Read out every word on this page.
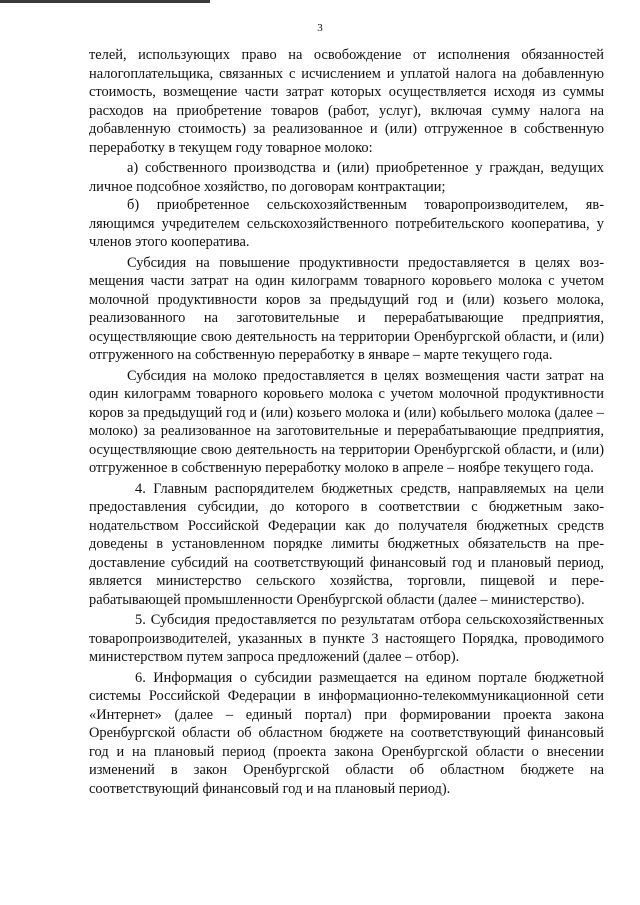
3

телей, использующих право на освобождение от исполнения обязанностей налогоплательщика, связанных с исчислением и уплатой налога на добавленную стоимость, возмещение части затрат которых осуществляется исходя из суммы расходов на приобретение товаров (работ, услуг), включая сумму налога на добавленную стоимость) за реализованное и (или) отгруженное в собственную переработку в текущем году товарное молоко:

а) собственного производства и (или) приобретенное у граждан, ведущих личное подсобное хозяйство, по договорам контрактации;

б) приобретенное сельскохозяйственным товаропроизводителем, являющимся учредителем сельскохозяйственного потребительского кооператива, у членов этого кооператива.

Субсидия на повышение продуктивности предоставляется в целях возмещения части затрат на один килограмм товарного коровьего молока с учетом молочной продуктивности коров за предыдущий год и (или) козьего молока, реализованного на заготовительные и перерабатывающие предприятия, осуществляющие свою деятельность на территории Оренбургской области, и (или) отгруженного на собственную переработку в январе – марте текущего года.

Субсидия на молоко предоставляется в целях возмещения части затрат на один килограмм товарного коровьего молока с учетом молочной продуктивности коров за предыдущий год и (или) козьего молока и (или) кобыльего молока (далее – молоко) за реализованное на заготовительные и перерабатывающие предприятия, осуществляющие свою деятельность на территории Оренбургской области, и (или) отгруженное в собственную переработку молоко в апреле – ноябре текущего года.

4. Главным распорядителем бюджетных средств, направляемых на цели предоставления субсидии, до которого в соответствии с бюджетным законодательством Российской Федерации как до получателя бюджетных средств доведены в установленном порядке лимиты бюджетных обязательств на предоставление субсидий на соответствующий финансовый год и плановый период, является министерство сельского хозяйства, торговли, пищевой и перерабатывающей промышленности Оренбургской области (далее – министерство).

5. Субсидия предоставляется по результатам отбора сельскохозяйственных товаропроизводителей, указанных в пункте 3 настоящего Порядка, проводимого министерством путем запроса предложений (далее – отбор).

6. Информация о субсидии размещается на едином портале бюджетной системы Российской Федерации в информационно-телекоммуникационной сети «Интернет» (далее – единый портал) при формировании проекта закона Оренбургской области об областном бюджете на соответствующий финансовый год и на плановый период (проекта закона Оренбургской области о внесении изменений в закон Оренбургской области об областном бюджете на соответствующий финансовый год и на плановый период).
